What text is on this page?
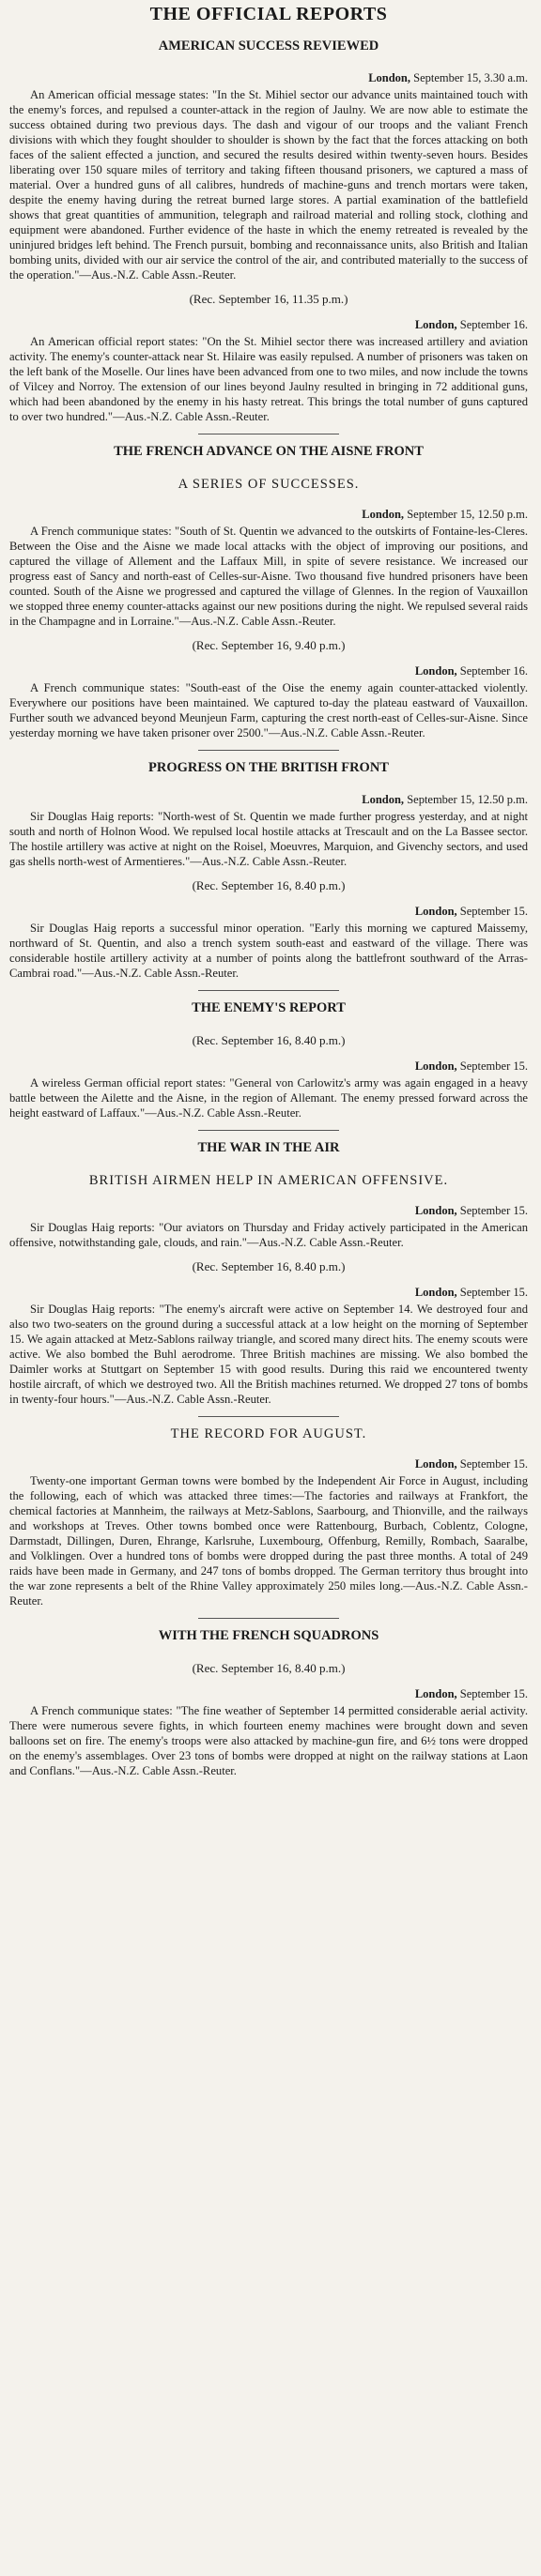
THE OFFICIAL REPORTS
AMERICAN SUCCESS REVIEWED
London, September 15, 3.30 a.m.

An American official message states: "In the St. Mihiel sector our advance units maintained touch with the enemy's forces, and repulsed a counter-attack in the region of Jaulny. We are now able to estimate the success obtained during two previous days. The dash and vigour of our troops and the valiant French divisions with which they fought shoulder to shoulder is shown by the fact that the forces attacking on both faces of the salient effected a junction, and secured the results desired within twenty-seven hours. Besides liberating over 150 square miles of territory and taking fifteen thousand prisoners, we captured a mass of material. Over a hundred guns of all calibres, hundreds of machine-guns and trench mortars were taken, despite the enemy having during the retreat burned large stores. A partial examination of the battlefield shows that great quantities of ammunition, telegraph and railroad material and rolling stock, clothing and equipment were abandoned. Further evidence of the haste in which the enemy retreated is revealed by the uninjured bridges left behind. The French pursuit, bombing and reconnaissance units, also British and Italian bombing units, divided with our air service the control of the air, and contributed materially to the success of the operation."—Aus.-N.Z. Cable Assn.-Reuter.

(Rec. September 16, 11.35 p.m.)
London, September 16.

An American official report states: "On the St. Mihiel sector there was increased artillery and aviation activity. The enemy's counter-attack near St. Hilaire was easily repulsed. A number of prisoners was taken on the left bank of the Moselle. Our lines have been advanced from one to two miles, and now include the towns of Vilcey and Norroy. The extension of our lines beyond Jaulny resulted in bringing in 72 additional guns, which had been abandoned by the enemy in his hasty retreat. This brings the total number of guns captured to over two hundred."—Aus.-N.Z. Cable Assn.-Reuter.

THE FRENCH ADVANCE ON THE AISNE FRONT
A SERIES OF SUCCESSES.
London, September 15, 12.50 p.m.

A French communique states: "South of St. Quentin we advanced to the outskirts of Fontaine-les-Cleres. Between the Oise and the Aisne we made local attacks with the object of improving our positions, and captured the village of Allement and the Laffaux Mill, in spite of severe resistance. We increased our progress east of Sancy and north-east of Celles-sur-Aisne. Two thousand five hundred prisoners have been counted. South of the Aisne we progressed and captured the village of Glennes. In the region of Vauxaillon we stopped three enemy counter-attacks against our new positions during the night. We repulsed several raids in the Champagne and in Lorraine."—Aus.-N.Z. Cable Assn.-Reuter.

(Rec. September 16, 9.40 p.m.)
London, September 16.

A French communique states: "South-east of the Oise the enemy again counter-attacked violently. Everywhere our positions have been maintained. We captured to-day the plateau eastward of Vauxaillon. Further south we advanced beyond Meunjeun Farm, capturing the crest north-east of Celles-sur-Aisne. Since yesterday morning we have taken prisoner over 2500."—Aus.-N.Z. Cable Assn.-Reuter.

PROGRESS ON THE BRITISH FRONT
London, September 15, 12.50 p.m.

Sir Douglas Haig reports: "North-west of St. Quentin we made further progress yesterday, and at night south and north of Holnon Wood. We repulsed local hostile attacks at Trescault and on the La Bassee sector. The hostile artillery was active at night on the Roisel, Moeuvres, Marquion, and Givenchy sectors, and used gas shells north-west of Armentieres."—Aus.-N.Z. Cable Assn.-Reuter.

(Rec. September 16, 8.40 p.m.)
London, September 15.

Sir Douglas Haig reports a successful minor operation. "Early this morning we captured Maissemy, northward of St. Quentin, and also a trench system south-east and eastward of the village. There was considerable hostile artillery activity at a number of points along the battlefront southward of the Arras-Cambrai road."—Aus.-N.Z. Cable Assn.-Reuter.

THE ENEMY'S REPORT
(Rec. September 16, 8.40 p.m.)
London, September 15.

A wireless German official report states: "General von Carlowitz's army was again engaged in a heavy battle between the Ailette and the Aisne, in the region of Allemant. The enemy pressed forward across the height eastward of Laffaux."—Aus.-N.Z. Cable Assn.-Reuter.

THE WAR IN THE AIR
BRITISH AIRMEN HELP IN AMERICAN OFFENSIVE.
London, September 15.

Sir Douglas Haig reports: "Our aviators on Thursday and Friday actively participated in the American offensive, notwithstanding gale, clouds, and rain."—Aus.-N.Z. Cable Assn.-Reuter.

(Rec. September 16, 8.40 p.m.)
London, September 15.

Sir Douglas Haig reports: "The enemy's aircraft were active on September 14. We destroyed four and also two two-seaters on the ground during a successful attack at a low height on the morning of September 15. We again attacked at Metz-Sablons railway triangle, and scored many direct hits. The enemy scouts were active. We also bombed the Buhl aerodrome. Three British machines are missing. We also bombed the Daimler works at Stuttgart on September 15 with good results. During this raid we encountered twenty hostile aircraft, of which we destroyed two. All the British machines returned. We dropped 27 tons of bombs in twenty-four hours."—Aus.-N.Z. Cable Assn.-Reuter.

THE RECORD FOR AUGUST.
London, September 15.

Twenty-one important German towns were bombed by the Independent Air Force in August, including the following, each of which was attacked three times:—The factories and railways at Frankfort, the chemical factories at Mannheim, the railways at Metz-Sablons, Saarbourg, and Thionville, and the railways and workshops at Treves. Other towns bombed once were Rattenbourg, Burbach, Coblentz, Cologne, Darmstadt, Dillingen, Duren, Ehrange, Karlsruhe, Luxembourg, Offenburg, Remilly, Rombach, Saaralbe, and Volklingen. Over a hundred tons of bombs were dropped during the past three months. A total of 249 raids have been made in Germany, and 247 tons of bombs dropped. The German territory thus brought into the war zone represents a belt of the Rhine Valley approximately 250 miles long.—Aus.-N.Z. Cable Assn.-Reuter.

WITH THE FRENCH SQUADRONS
(Rec. September 16, 8.40 p.m.)
London, September 15.

A French communique states: "The fine weather of September 14 permitted considerable aerial activity. There were numerous severe fights, in which fourteen enemy machines were brought down and seven balloons set on fire. The enemy's troops were also attacked by machine-gun fire, and 6½ tons were dropped on the enemy's assemblages. Over 23 tons of bombs were dropped at night on the railway stations at Laon and Conflans."—Aus.-N.Z. Cable Assn.-Reuter.
